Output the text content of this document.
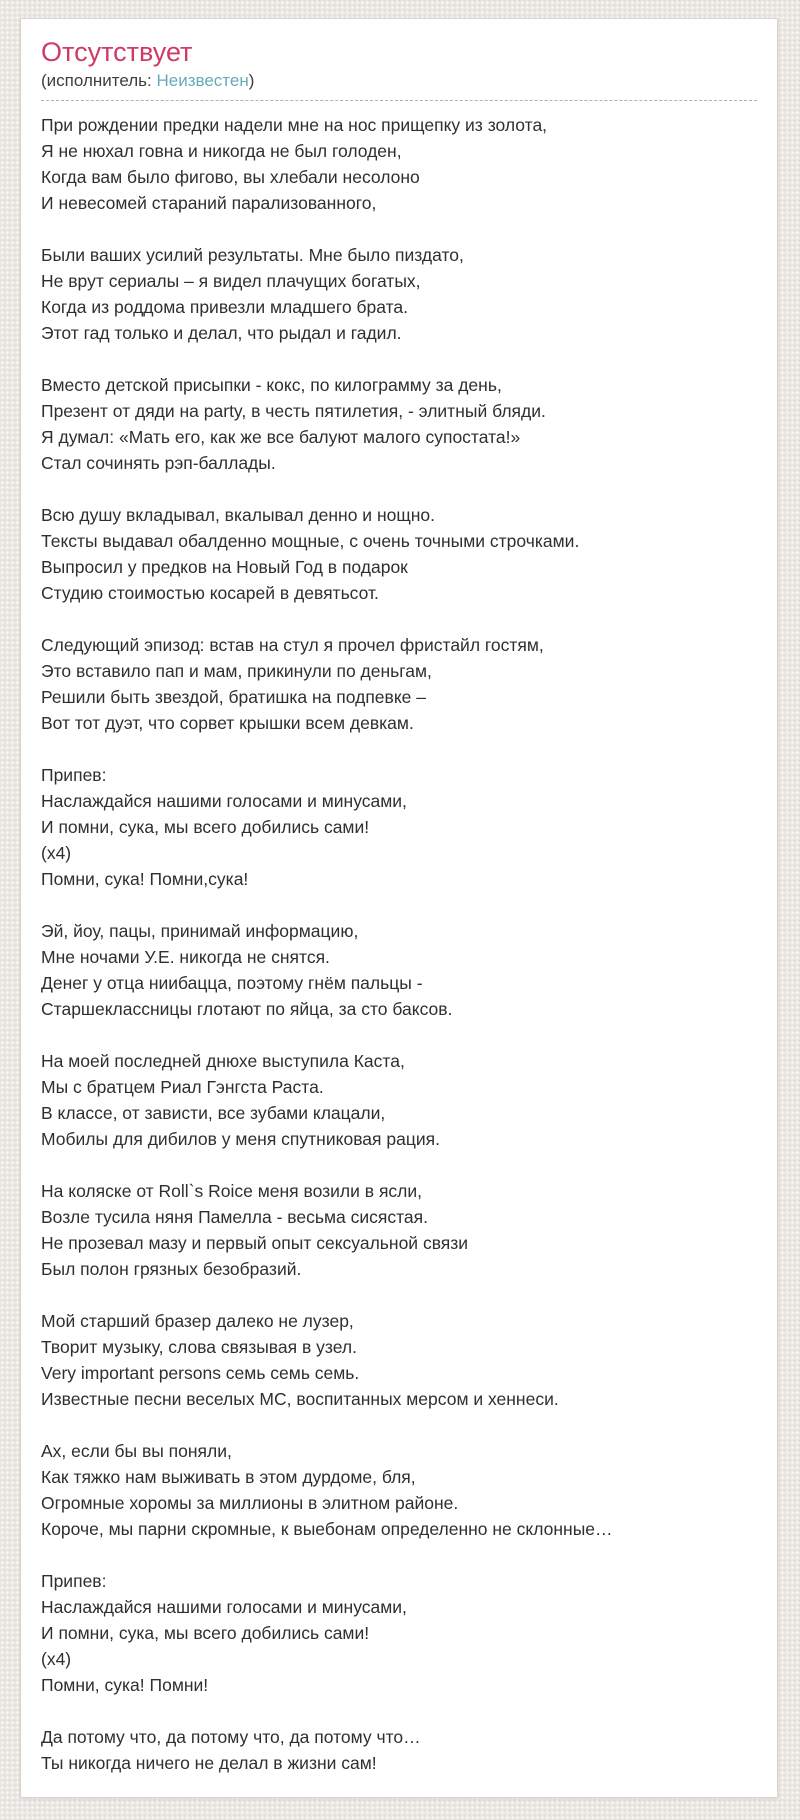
Отсутствует
(исполнитель: Неизвестен)
При рождении предки надели мне на нос прищепку из золота,
Я не нюхал говна и никогда не был голоден,
Когда вам было фигово, вы хлебали несолоно
И невесомей стараний парализованного,
Были ваших усилий результаты. Мне было пиздато,
Не врут сериалы – я видел плачущих богатых,
Когда из роддома привезли младшего брата.
Этот гад только и делал, что рыдал и гадил.
Вместо детской присыпки - кокс, по килограмму за день,
Презент от дяди на party, в честь пятилетия, - элитный бляди.
Я думал: «Мать его, как же все балуют малого супостата!»
Стал сочинять рэп-баллады.
Всю душу вкладывал, вкалывал денно и нощно.
Тексты выдавал обалденно мощные, с очень точными строчками.
Выпросил у предков на Новый Год в подарок
Студию стоимостью косарей в девятьсот.
Следующий эпизод: встав на стул я прочел фристайл гостям,
Это вставило пап и мам, прикинули по деньгам,
Решили быть звездой, братишка на подпевке –
Вот тот дуэт, что сорвет крышки всем девкам.
Припев:
Наслаждайся нашими голосами и минусами,
И помни, сука, мы всего добились сами!
(х4)
Помни, сука! Помни,сука!
Эй, йоу, пацы, принимай информацию,
Мне ночами У.Е. никогда не снятся.
Денег у отца ниибацца, поэтому гнём пальцы -
Старшеклассницы глотают по яйца, за сто баксов.
На моей последней днюхе выступила Каста,
Мы с братцем Риал Гэнгста Раста.
В классе, от зависти, все зубами клацали,
Мобилы для дибилов у меня спутниковая рация.
На коляске от Roll`s Roice меня возили в ясли,
Возле тусила няня Памелла - весьма сисястая.
Не прозевал мазу и первый опыт сексуальной связи
Был полон грязных безобразий.
Мой старший бразер далеко не лузер,
Творит музыку, слова связывая в узел.
Very important persons семь семь семь.
Известные песни веселых МС, воспитанных мерсом и хеннеси.
Ах, если бы вы поняли,
Как тяжко нам выживать в этом дурдоме, бля,
Огромные хоромы за миллионы в элитном районе.
Короче, мы парни скромные, к выебонам определенно не склонные…
Припев:
Наслаждайся нашими голосами и минусами,
И помни, сука, мы всего добились сами!
(х4)
Помни, сука! Помни!
Да потому что, да потому что, да потому что…
Ты никогда ничего не делал в жизни сам!
